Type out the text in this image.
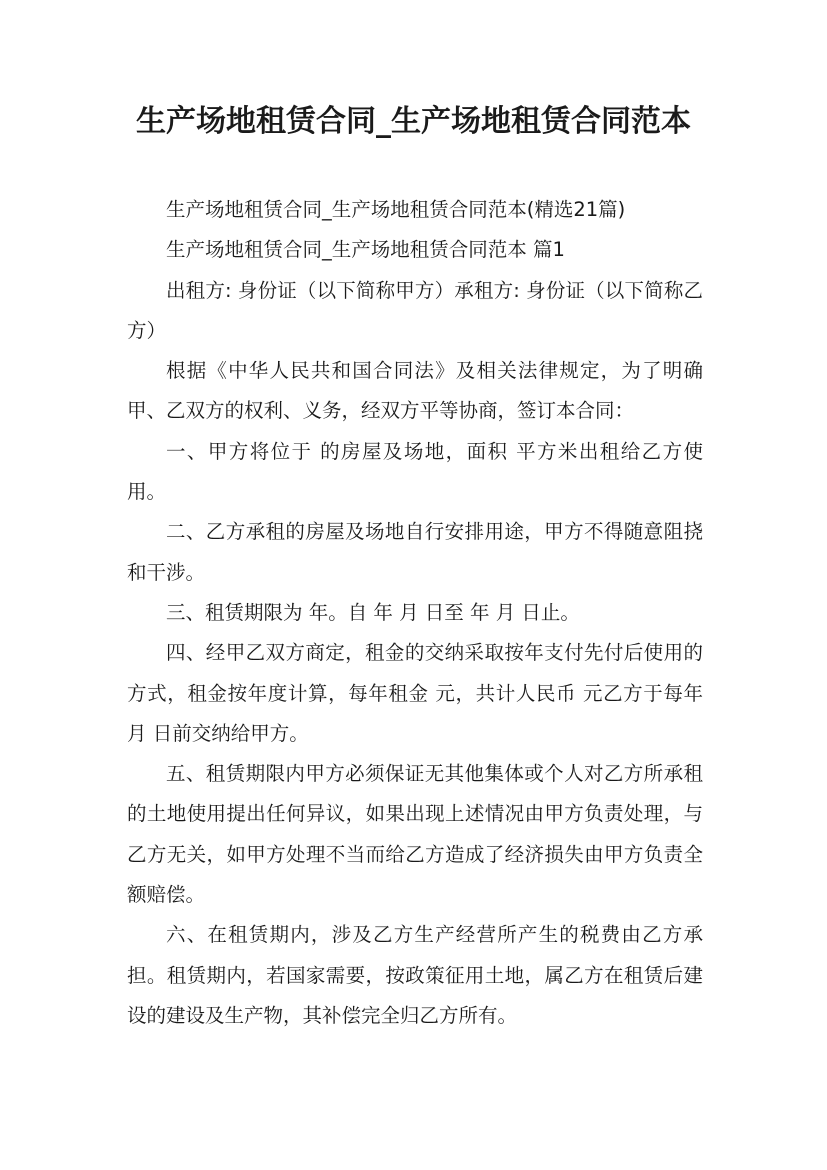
生产场地租赁合同_生产场地租赁合同范本

生产场地租赁合同_生产场地租赁合同范本(精选21篇)

生产场地租赁合同_生产场地租赁合同范本 篇1

出租方: 身份证（以下简称甲方）承租方: 身份证（以下简称乙方）

根据《中华人民共和国合同法》及相关法律规定，为了明确甲、乙双方的权利、义务，经双方平等协商，签订本合同：

一、甲方将位于 的房屋及场地，面积 平方米出租给乙方使用。

二、乙方承租的房屋及场地自行安排用途，甲方不得随意阻挠和干涉。

三、租赁期限为 年。自 年 月 日至 年 月 日止。

四、经甲乙双方商定，租金的交纳采取按年支付先付后使用的方式，租金按年度计算，每年租金 元，共计人民币 元乙方于每年 月 日前交纳给甲方。

五、租赁期限内甲方必须保证无其他集体或个人对乙方所承租的土地使用提出任何异议，如果出现上述情况由甲方负责处理，与乙方无关，如甲方处理不当而给乙方造成了经济损失由甲方负责全额赔偿。

六、在租赁期内，涉及乙方生产经营所产生的税费由乙方承担。租赁期内，若国家需要，按政策征用土地，属乙方在租赁后建设的建设及生产物，其补偿完全归乙方所有。
